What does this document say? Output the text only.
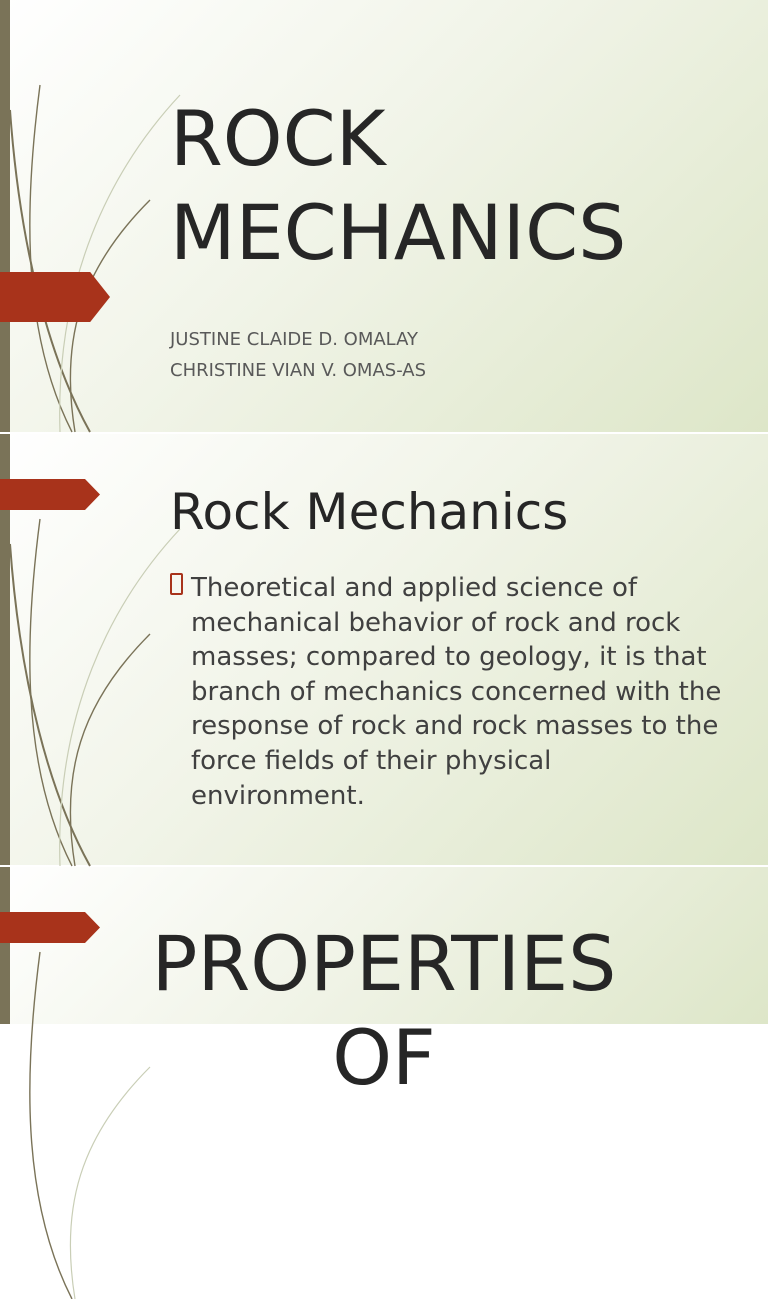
ROCK MECHANICS
JUSTINE CLAIDE D. OMALAY
CHRISTINE VIAN V. OMAS-AS
Rock Mechanics
Theoretical and applied science of mechanical behavior of rock and rock masses; compared to geology, it is that branch of mechanics concerned with the response of rock and rock masses to the force fields of their physical environment.
PROPERTIES
OF
